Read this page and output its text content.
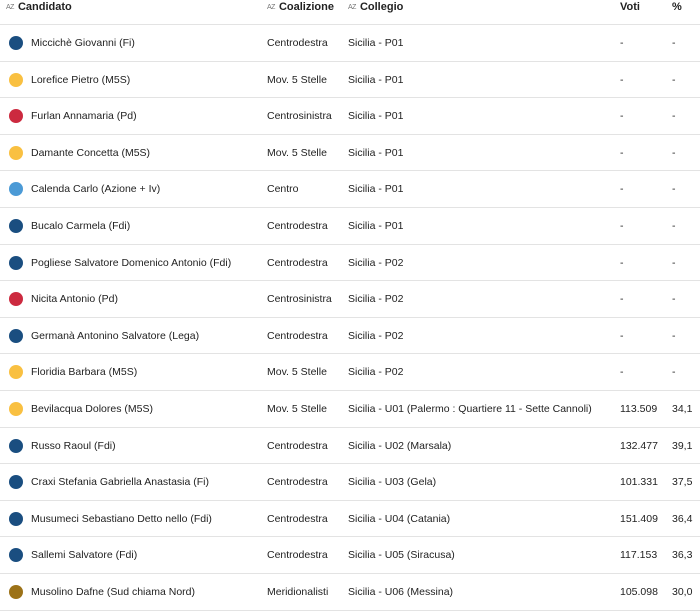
AZ Candidato	AZ Coalizione AZ Collegio	Voti	%
Miccichè Giovanni (Fi)	Centrodestra	Sicilia - P01	-	-
Lorefice Pietro (M5S)	Mov. 5 Stelle	Sicilia - P01	-	-
Furlan Annamaria (Pd)	Centrosinistra	Sicilia - P01	-	-
Damante Concetta (M5S)	Mov. 5 Stelle	Sicilia - P01	-	-
Calenda Carlo (Azione + Iv)	Centro	Sicilia - P01	-	-
Bucalo Carmela (Fdi)	Centrodestra	Sicilia - P01	-	-
Pogliese Salvatore Domenico Antonio (Fdi)	Centrodestra	Sicilia - P02	-	-
Nicita Antonio (Pd)	Centrosinistra	Sicilia - P02	-	-
Germanà Antonino Salvatore (Lega)	Centrodestra	Sicilia - P02	-	-
Floridia Barbara (M5S)	Mov. 5 Stelle	Sicilia - P02	-	-
Bevilacqua Dolores (M5S)	Mov. 5 Stelle	Sicilia - U01 (Palermo : Quartiere 11 - Sette Cannoli)	113.509	34,1
Russo Raoul (Fdi)	Centrodestra	Sicilia - U02 (Marsala)	132.477	39,1
Craxi Stefania Gabriella Anastasia (Fi)	Centrodestra	Sicilia - U03 (Gela)	101.331	37,5
Musumeci Sebastiano Detto nello (Fdi)	Centrodestra	Sicilia - U04 (Catania)	151.409	36,4
Sallemi Salvatore (Fdi)	Centrodestra	Sicilia - U05 (Siracusa)	117.153	36,3
Musolino Dafne (Sud chiama Nord)	Meridionalisti	Sicilia - U06 (Messina)	105.098	30,0
